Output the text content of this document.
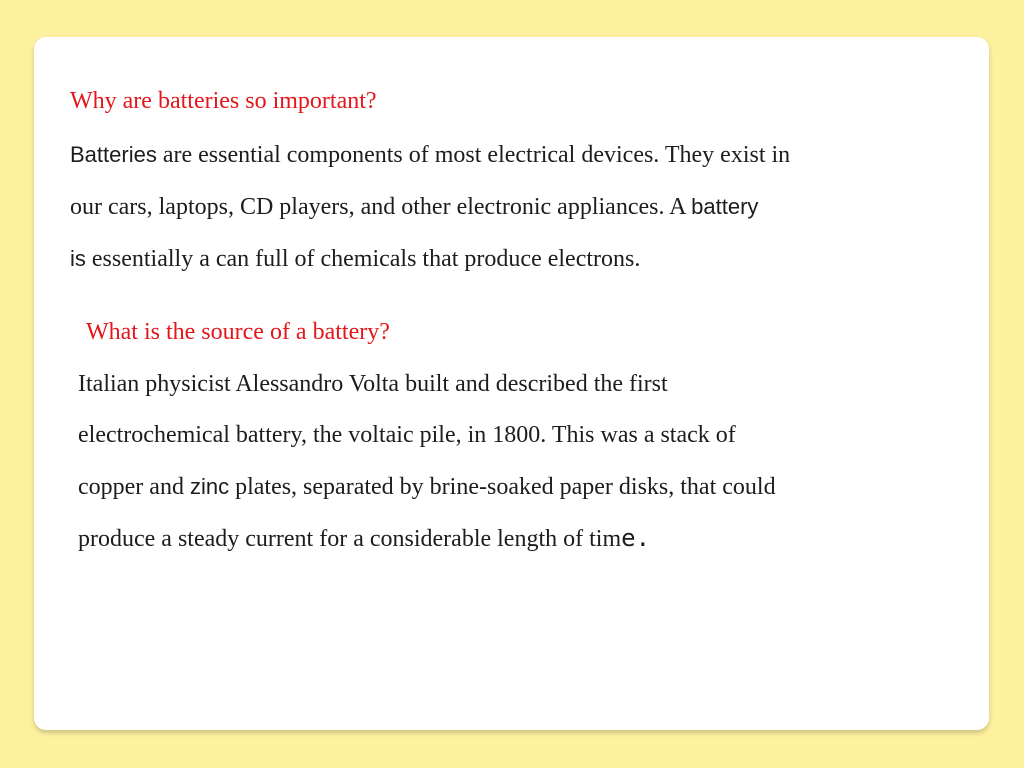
Why are batteries so important?
Batteries are essential components of most electrical devices. They exist in
our cars, laptops, CD players, and other electronic appliances. A battery
is essentially a can full of chemicals that produce electrons.
What is the source of a battery?
Italian physicist Alessandro Volta built and described the first
electrochemical battery, the voltaic pile, in 1800. This was a stack of
copper and zinc plates, separated by brine-soaked paper disks, that could
produce a steady current for a considerable length of time.
